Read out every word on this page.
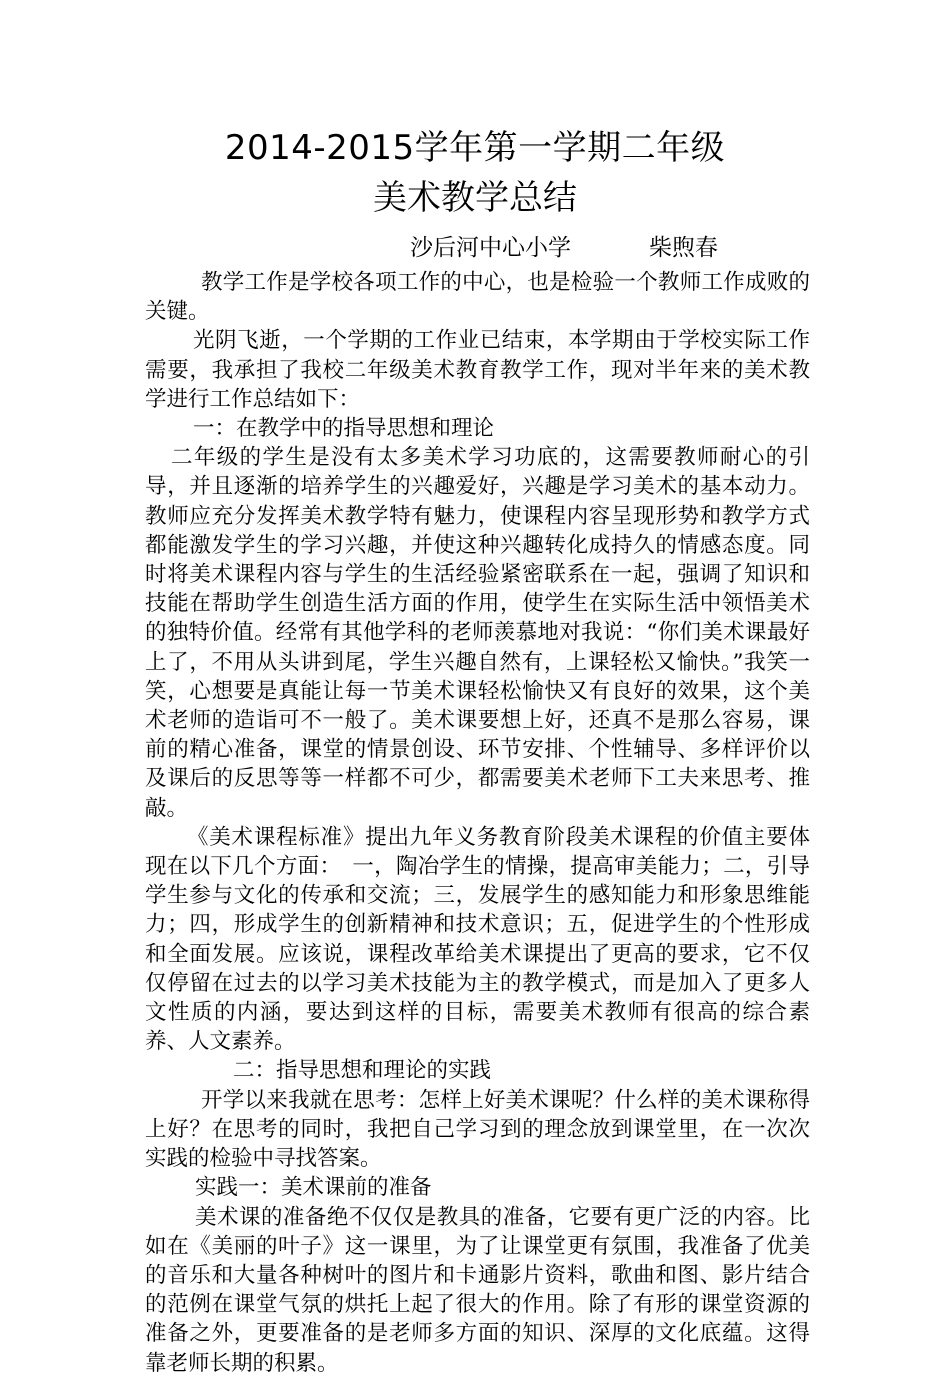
2014-2015学年第一学期二年级
美术教学总结
沙后河中心小学	柴煦春

教学工作是学校各项工作的中心，也是检验一个教师工作成败的关键。

光阴飞逝，一个学期的工作业已结束，本学期由于学校实际工作需要，我承担了我校二年级美术教育教学工作，现对半年来的美术教学进行工作总结如下：

一：在教学中的指导思想和理论

二年级的学生是没有太多美术学习功底的，这需要教师耐心的引导，并且逐渐的培养学生的兴趣爱好，兴趣是学习美术的基本动力。教师应充分发挥美术教学特有魅力，使课程内容呈现形势和教学方式都能激发学生的学习兴趣，并使这种兴趣转化成持久的情感态度。同时将美术课程内容与学生的生活经验紧密联系在一起，强调了知识和技能在帮助学生创造生活方面的作用，使学生在实际生活中领悟美术的独特价值。经常有其他学科的老师羡慕地对我说：“你们美术课最好上了，不用从头讲到尾，学生兴趣自然有，上课轻松又愉快。”我笑一笑，心想要是真能让每一节美术课轻松愉快又有良好的效果，这个美术老师的造诣可不一般了。美术课要想上好，还真不是那么容易，课前的精心准备，课堂的情景创设、环节安排、个性辅导、多样评价以及课后的反思等等一样都不可少，都需要美术老师下工夫来思考、推敲。

《美术课程标准》提出九年义务教育阶段美术课程的价值主要体现在以下几个方面：　一，陶冶学生的情操，提高审美能力；二，引导学生参与文化的传承和交流；三，发展学生的感知能力和形象思维能力；四，形成学生的创新精神和技术意识；五，促进学生的个性形成和全面发展。应该说，课程改革给美术课提出了更高的要求，它不仅仅停留在过去的以学习美术技能为主的教学模式，而是加入了更多人文性质的内涵，要达到这样的目标，需要美术教师有很高的综合素养、人文素养。

二：指导思想和理论的实践

开学以来我就在思考：怎样上好美术课呢？什么样的美术课称得上好？在思考的同时，我把自己学习到的理念放到课堂里，在一次次实践的检验中寻找答案。

实践一：美术课前的准备

美术课的准备绝不仅仅是教具的准备，它要有更广泛的内容。比如在《美丽的叶子》这一课里，为了让课堂更有氛围，我准备了优美的音乐和大量各种树叶的图片和卡通影片资料，歌曲和图、影片结合的范例在课堂气氛的烘托上起了很大的作用。除了有形的课堂资源的准备之外，更要准备的是老师多方面的知识、深厚的文化底蕴。这得靠老师长期的积累。
